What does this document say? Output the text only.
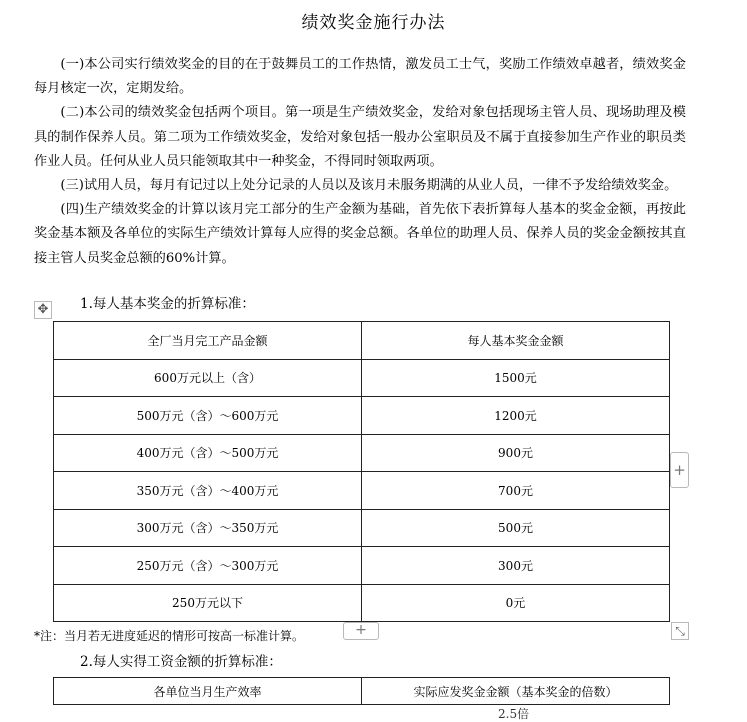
绩效奖金施行办法

(一)本公司实行绩效奖金的目的在于鼓舞员工的工作热情，激发员工士气，奖励工作绩效卓越者，绩效奖金每月核定一次，定期发给。

(二)本公司的绩效奖金包括两个项目。第一项是生产绩效奖金，发给对象包括现场主管人员、现场助理及模具的制作保养人员。第二项为工作绩效奖金，发给对象包括一般办公室职员及不属于直接参加生产作业的职员类作业人员。任何从业人员只能领取其中一种奖金，不得同时领取两项。

(三)试用人员，每月有记过以上处分记录的人员以及该月未服务期满的从业人员，一律不予发给绩效奖金。

(四)生产绩效奖金的计算以该月完工部分的生产金额为基础，首先依下表折算每人基本的奖金金额，再按此奖金基本额及各单位的实际生产绩效计算每人应得的奖金总额。各单位的助理人员、保养人员的奖金金额按其直接主管人员奖金总额的60%计算。

✥ 1.每人基本奖金的折算标准：
全厂当月完工产品金额	每人基本奖金金额
600万元以上（含）	1500元
500万元（含）～600万元	1200元
400万元（含）～500万元	900元
350万元（含）～400万元	700元
300万元（含）～350万元	500元
250万元（含）～300万元	300元
250万元以下	0元
+
+	⤡
*注：当月若无进度延迟的情形可按高一标准计算。
2.每人实得工资金额的折算标准：
各单位当月生产效率	实际应发奖金金额（基本奖金的倍数）
2.5倍
